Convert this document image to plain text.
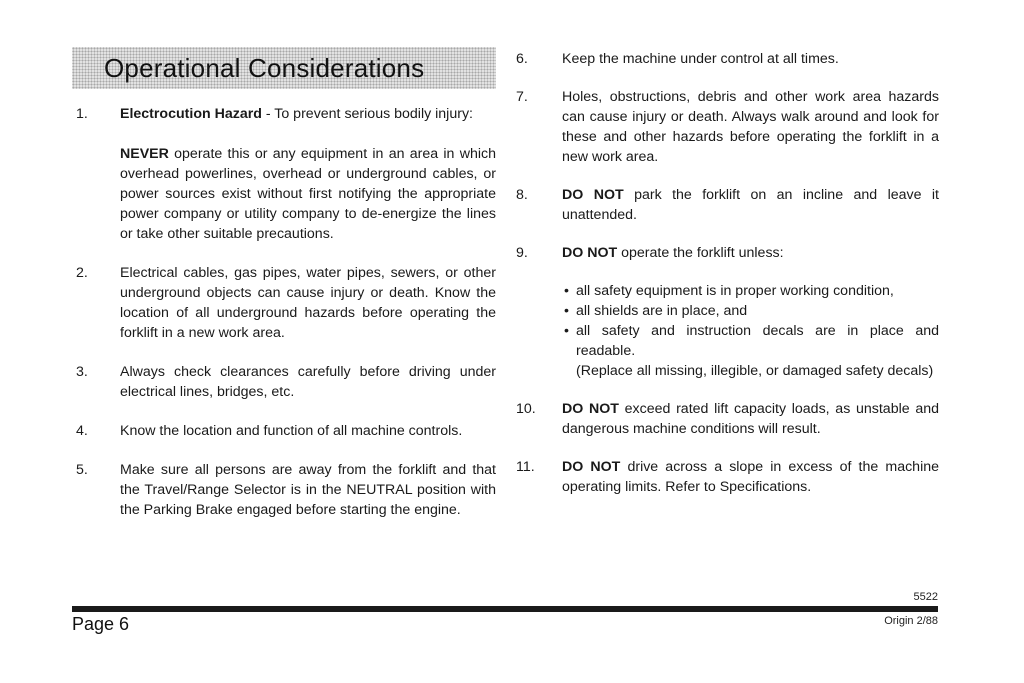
Operational Considerations
1.	Electrocution Hazard - To prevent serious bodily injury:

NEVER operate this or any equipment in an area in which overhead powerlines, overhead or underground cables, or power sources exist without first notifying the appropriate power company or utility company to de-energize the lines or take other suitable precautions.

2.	Electrical cables, gas pipes, water pipes, sewers, or other underground objects can cause injury or death. Know the location of all underground hazards before operating the forklift in a new work area.

3.	Always check clearances carefully before driving under electrical lines, bridges, etc.

4.	Know the location and function of all machine controls.

5.	Make sure all persons are away from the forklift and that the Travel/Range Selector is in the NEUTRAL position with the Parking Brake engaged before starting the engine.

6.	Keep the machine under control at all times.

7.	Holes, obstructions, debris and other work area hazards can cause injury or death. Always walk around and look for these and other hazards before operating the forklift in a new work area.

8.	DO NOT park the forklift on an incline and leave it unattended.

9.	DO NOT operate the forklift unless:

• all safety equipment is in proper working condition,
• all shields are in place, and
• all safety and instruction decals are in place and readable.
(Replace all missing, illegible, or damaged safety decals)
10.	DO NOT exceed rated lift capacity loads, as unstable and dangerous machine conditions will result.

11.	DO NOT drive across a slope in excess of the machine operating limits. Refer to Specifications.

5522
Page 6	Origin 2/88
